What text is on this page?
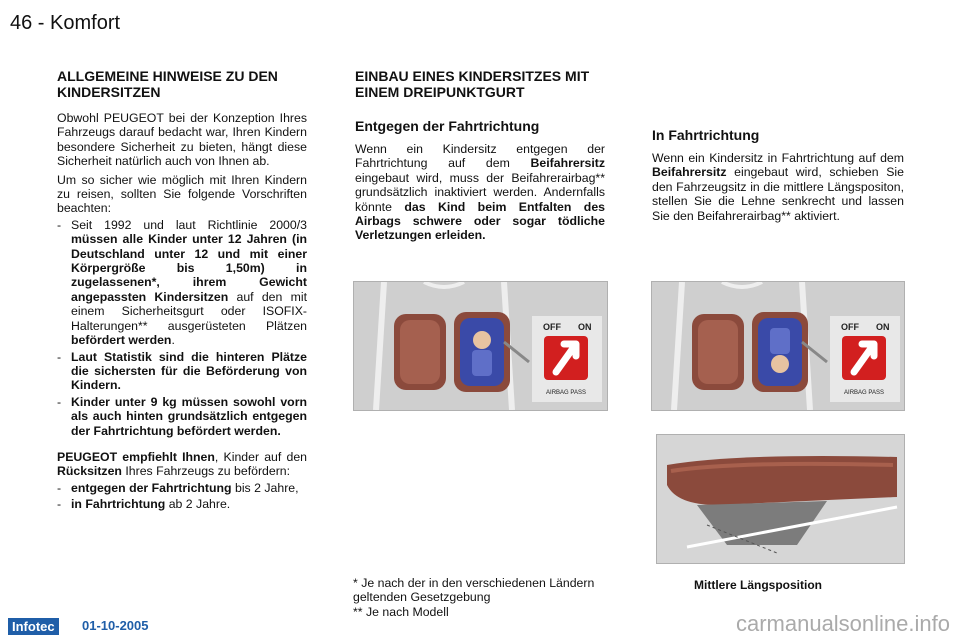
46 - Komfort
ALLGEMEINE HINWEISE ZU DEN KINDERSITZEN

Obwohl PEUGEOT bei der Konzeption Ihres Fahrzeugs darauf bedacht war, Ihren Kindern besondere Sicherheit zu bieten, hängt diese Sicherheit natürlich auch von Ihnen ab.

Um so sicher wie möglich mit Ihren Kindern zu reisen, sollten Sie folgende Vorschriften beachten:

- Seit 1992 und laut Richtlinie 2000/3 müssen alle Kinder unter 12 Jahren (in Deutschland unter 12 und mit einer Körpergröße bis 1,50m) in zugelassenen*, ihrem Gewicht angepassten Kindersitzen auf den mit einem Sicherheitsgurt oder ISOFIX-Halterungen** ausgerüsteten Plätzen befördert werden.
- Laut Statistik sind die hinteren Plätze die sichersten für die Beförderung von Kindern.
- Kinder unter 9 kg müssen sowohl vorn als auch hinten grundsätzlich entgegen der Fahrtrichtung befördert werden.

PEUGEOT empfiehlt Ihnen, Kinder auf den Rücksitzen Ihres Fahrzeugs zu befördern:

- entgegen der Fahrtrichtung bis 2 Jahre,
- in Fahrtrichtung ab 2 Jahre.
EINBAU EINES KINDERSITZES MIT EINEM DREIPUNKTGURT
Entgegen der Fahrtrichtung

Wenn ein Kindersitz entgegen der Fahrtrichtung auf dem Beifahrersitz eingebaut wird, muss der Beifahrerairbag** grundsätzlich inaktiviert werden. Andernfalls könnte das Kind beim Entfalten des Airbags schwere oder sogar tödliche Verletzungen erleiden.

In Fahrtrichtung

Wenn ein Kindersitz in Fahrtrichtung auf dem Beifahrersitz eingebaut wird, schieben Sie den Fahrzeugsitz in die mittlere Längspositon, stellen Sie die Lehne senkrecht und lassen Sie den Beifahrerairbag** aktiviert.

OFF ON
AIRBAG PASS
OFF ON
AIRBAG PASS
Mittlere Längsposition
* Je nach der in den verschiedenen Ländern geltenden Gesetzgebung
** Je nach Modell
Infotec	01-10-2005	carmanualsonline.info
